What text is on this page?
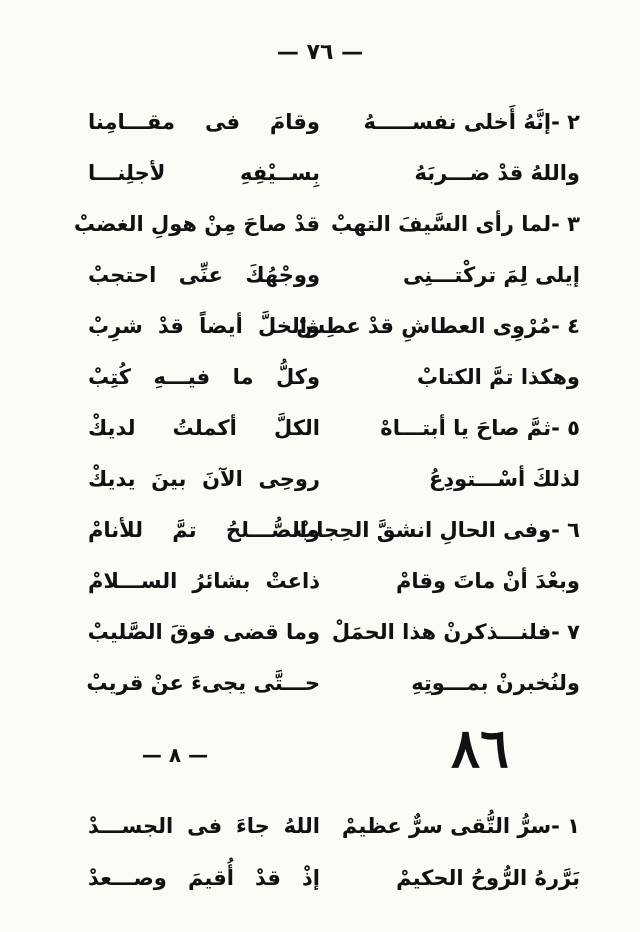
— ٧٦ —
٢ -إنَّهُ أَخلى نفســـــهُ
وقامَ فى مقـــامِنا
واللهُ قدْ ضـــربَهُ
بِســيْفِهِ لأجلِنـــا
٣ -لما رأى السَّيفَ التهبْ
قدْ صاحَ مِنْ هولِ الغضبْ
إيلى لِمَ تركْتـــنِى
ووجْهُكَ عنِّى احتجبْ
٤ -مُرْوِى العطاشِ قدْ عطِشْ
والخلَّ أيضاً قدْ شرِبْ
وهكذا تمَّ الكتابْ
وكلُّ ما فيـــهِ كُتِبْ
٥ -ثمَّ صاحَ يا أبتـــاهْ
الكلَّ أكملتُ لديكْ
لذلكَ أسْـــتودِعُ
روحِى الآنَ بينَ يديكْ
٦ -وفى الحالِ انشقَّ الحِجابْ
والصُّـــلحُ تمَّ للأنامْ
وبعْدَ أنْ ماتَ وقامْ
ذاعتْ بشائرُ الســـلامْ
٧ -فلنـــذكرنْ هذا الحمَلْ
وما قضى فوقَ الصَّليبْ
ولنُخبرنْ بمـــوتِهِ
حـــتَّى يجىءَ عنْ قريبْ
٨٦
— ٨ —
١ -سرُّ التُّقى سرٌّ عظيمْ
اللهُ جاءَ فى الجســـدْ
بَرَّرهُ الرُّوحُ الحكيمْ
إذْ قدْ أُقيمَ وصـــعدْ
